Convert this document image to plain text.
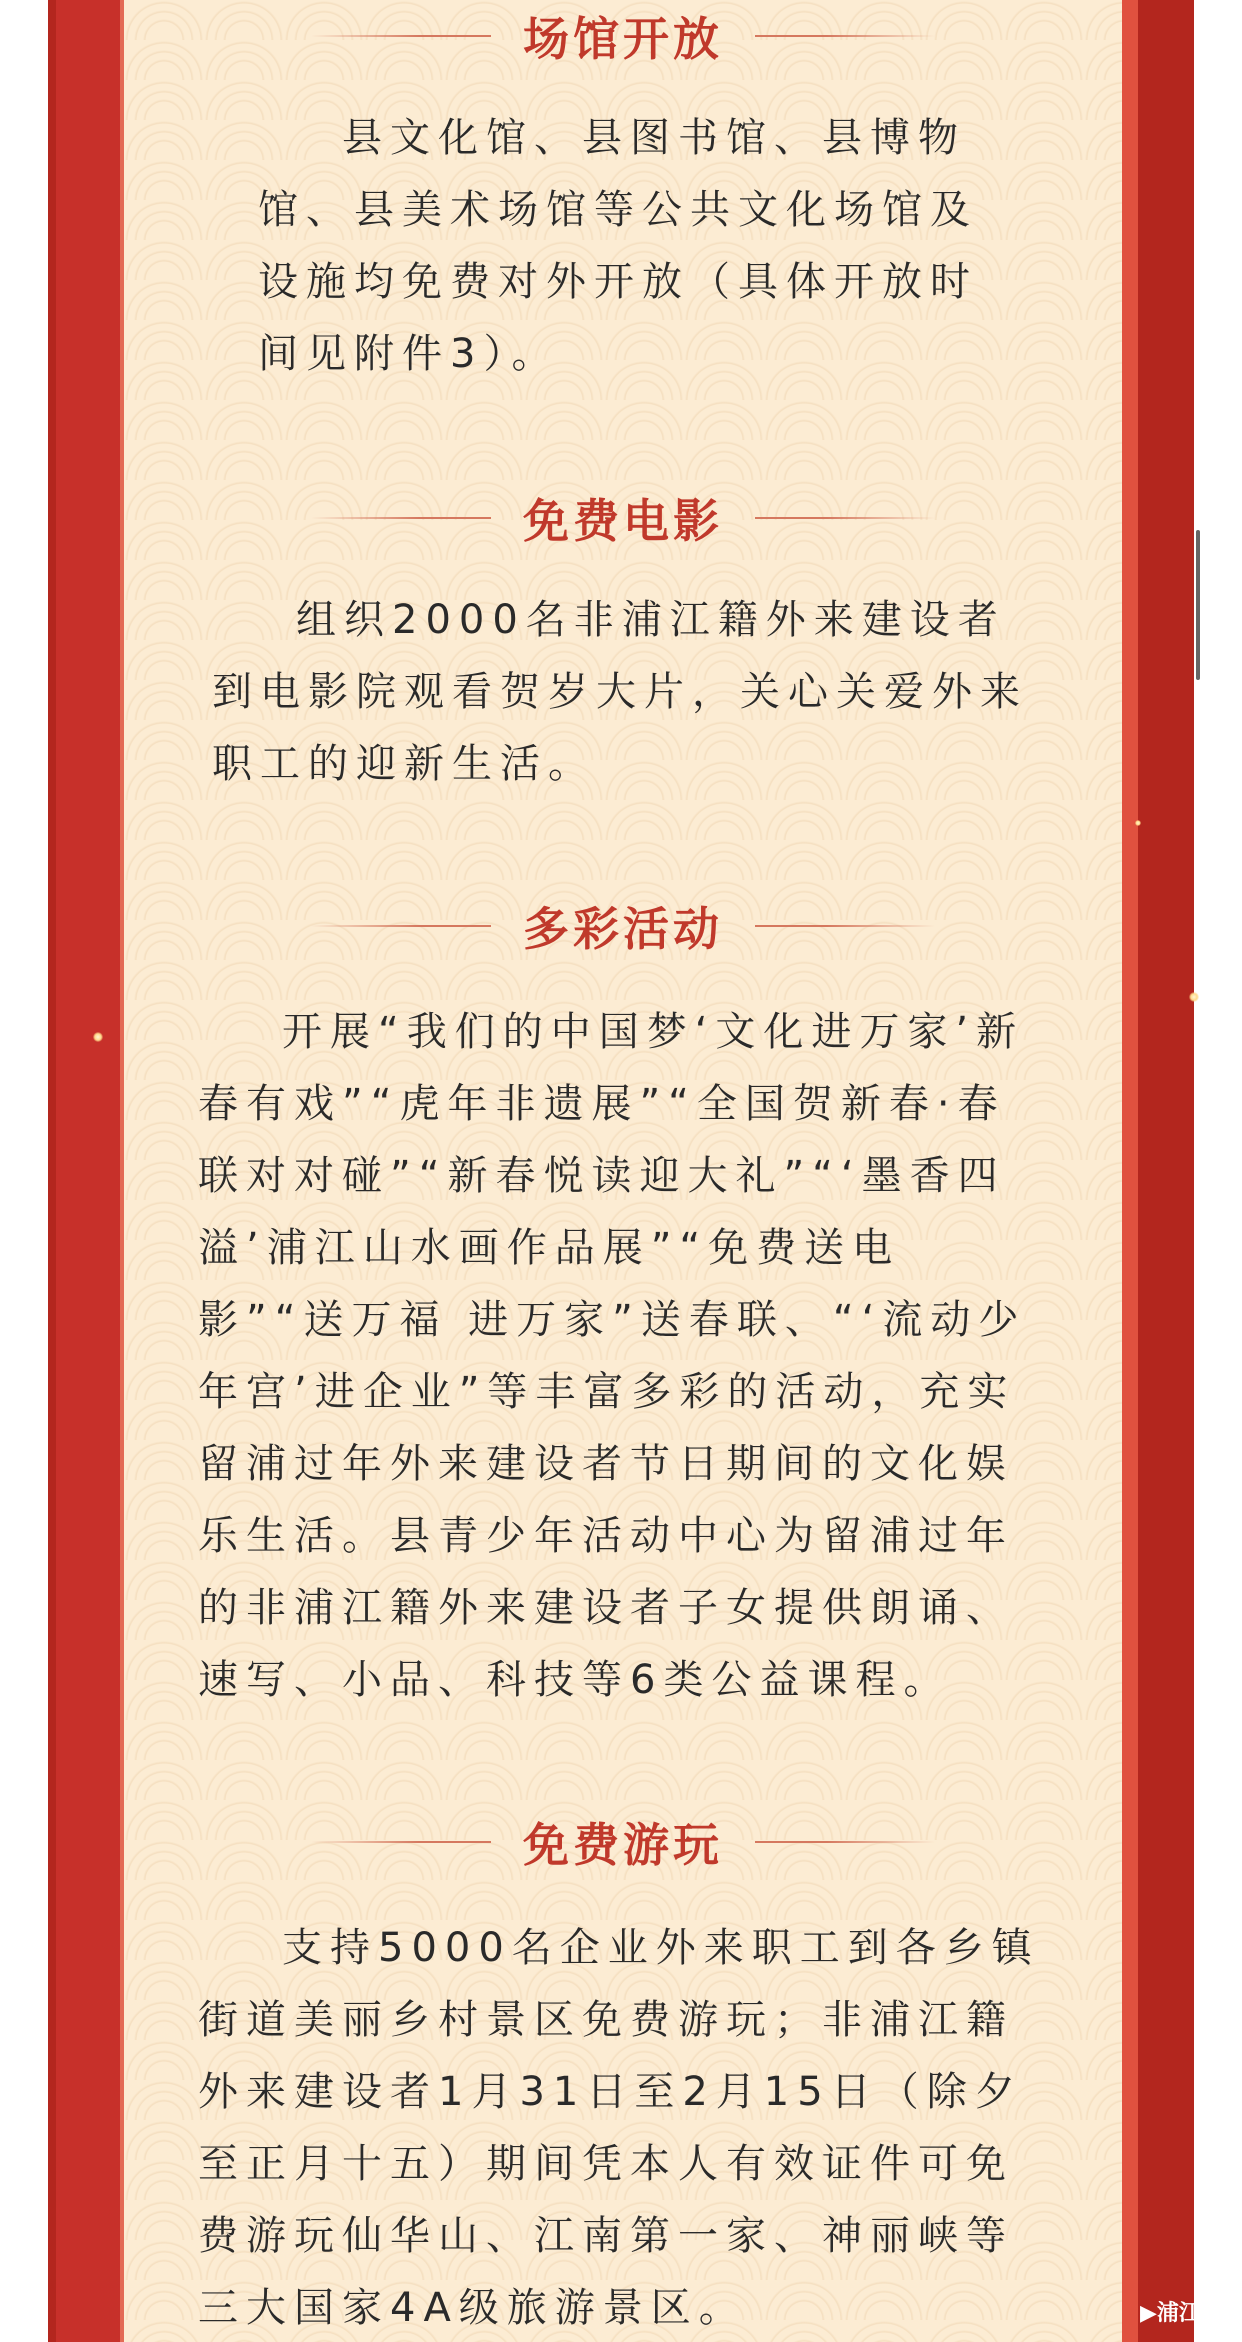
场馆开放
县文化馆、县图书馆、县博物馆、县美术场馆等公共文化场馆及设施均免费对外开放（具体开放时间见附件3）。
免费电影
组织2000名非浦江籍外来建设者到电影院观看贺岁大片，关心关爱外来职工的迎新生活。
多彩活动
开展“我们的中国梦‘文化进万家’新春有戏”“虎年非遗展”“全国贺新春·春联对对碰”“新春悦读迎大礼”“‘墨香四溢’浦江山水画作品展”“免费送电影”“送万福 进万家”送春联、“‘流动少年宫’进企业”等丰富多彩的活动，充实留浦过年外来建设者节日期间的文化娱乐生活。县青少年活动中心为留浦过年的非浦江籍外来建设者子女提供朗诵、速写、小品、科技等6类公益课程。
免费游玩
支持5000名企业外来职工到各乡镇街道美丽乡村景区免费游玩；非浦江籍外来建设者1月31日至2月15日（除夕至正月十五）期间凭本人有效证件可免费游玩仙华山、江南第一家、神丽峡等三大国家4A级旅游景区。	▶浦江
